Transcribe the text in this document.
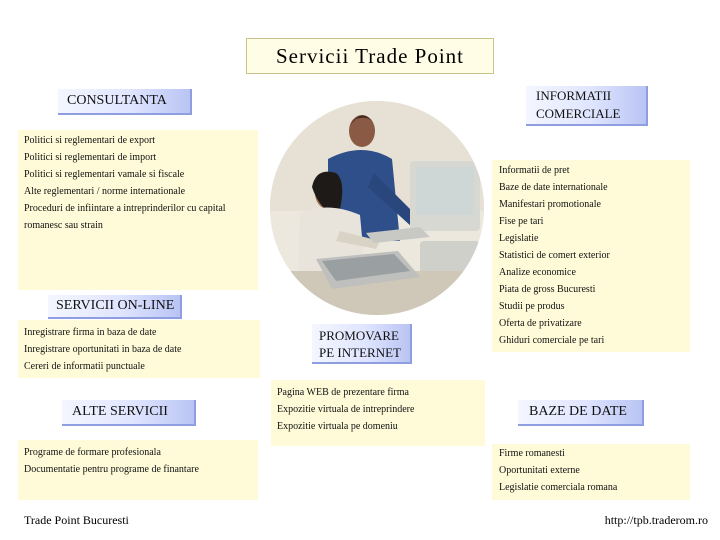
Servicii Trade Point
CONSULTANTA
Politici si reglementari de export
Politici si reglementari de import
Politici si reglementari vamale si fiscale
Alte reglementari / norme internationale
Proceduri de infiintare a intreprinderilor cu capital
romanesc sau strain
INFORMATII
COMERCIALE
Informatii de pret
Baze de date internationale
Manifestari promotionale
Fise pe tari
Legislatie
Statistici de comert exterior
Analize economice
Piata de gross Bucuresti
Studii pe produs
Oferta de privatizare
Ghiduri comerciale pe tari
SERVICII ON-LINE
Inregistrare firma in baza de date
Inregistrare oportunitati in baza de date
Cereri de informatii punctuale
PROMOVARE
PE INTERNET
Pagina WEB de prezentare firma
Expozitie virtuala de intreprindere
Expozitie virtuala pe domeniu
ALTE SERVICII
Programe de formare profesionala
Documentatie pentru programe de finantare
BAZE DE DATE
Firme romanesti
Oportunitati externe
Legislatie comerciala romana
Trade Point Bucuresti	http://tpb.traderom.ro
